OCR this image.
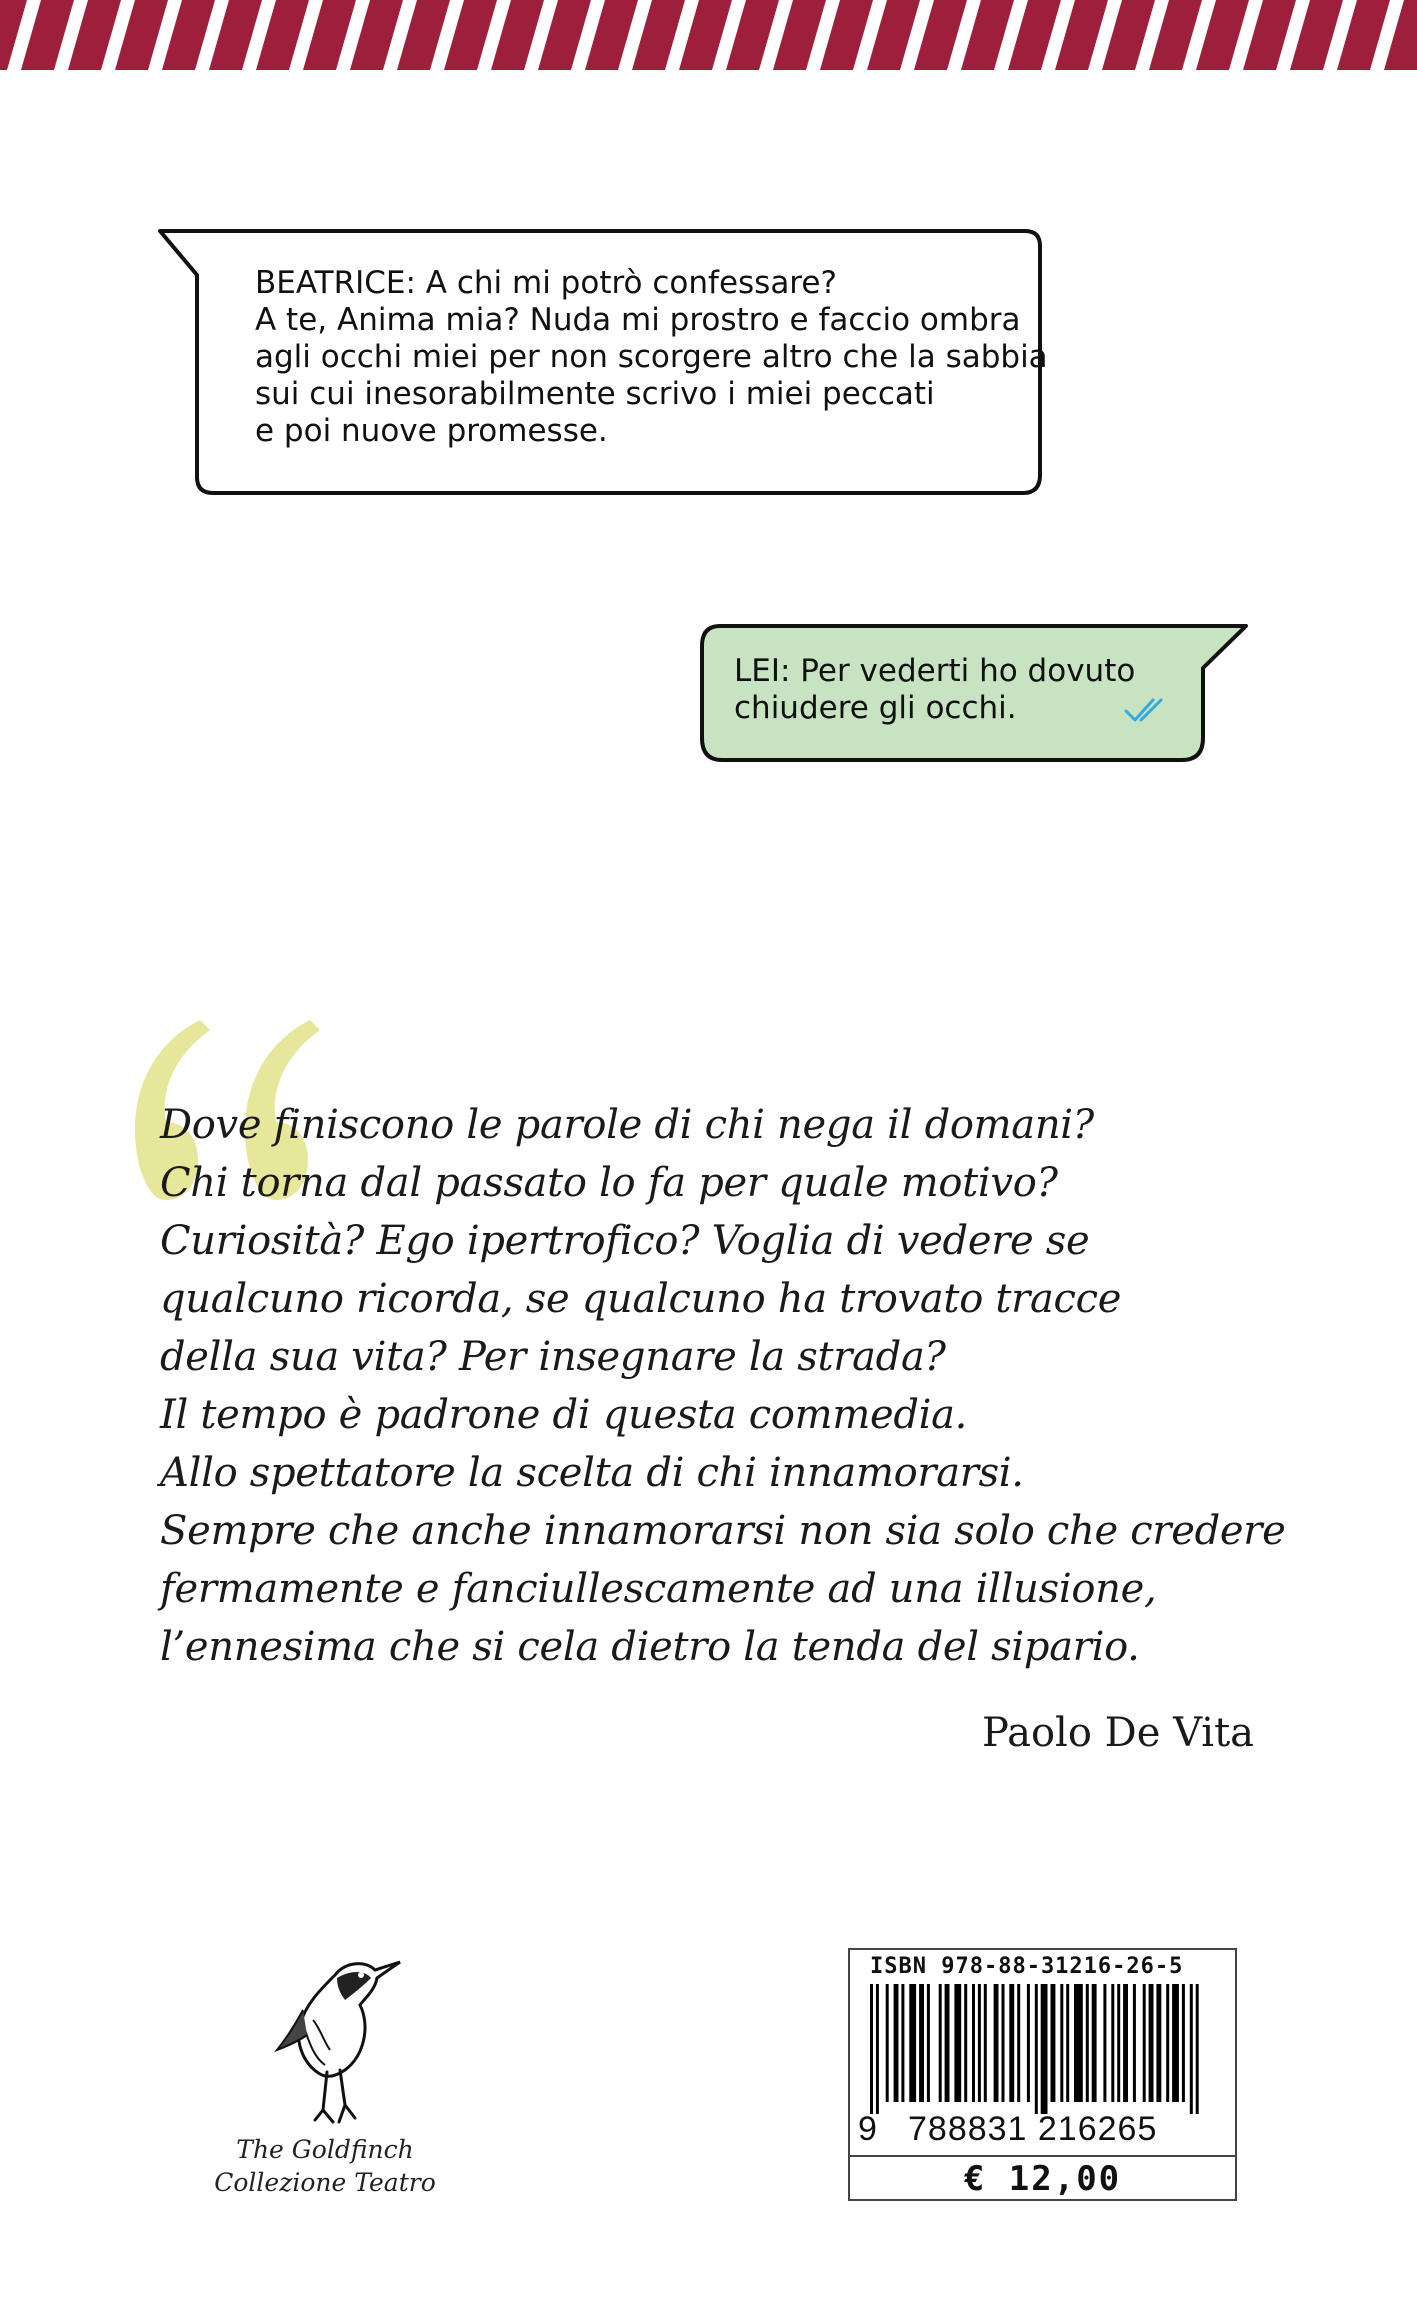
BEATRICE: A chi mi potrò confessare?
A te, Anima mia? Nuda mi prostro e faccio ombra
agli occhi miei per non scorgere altro che la sabbia
sui cui inesorabilmente scrivo i miei peccati
e poi nuove promesse.
LEI: Per vederti ho dovuto
chiudere gli occhi.
Dove finiscono le parole di chi nega il domani?
Chi torna dal passato lo fa per quale motivo?
Curiosità? Ego ipertrofico? Voglia di vedere se
qualcuno ricorda, se qualcuno ha trovato tracce
della sua vita? Per insegnare la strada?
Il tempo è padrone di questa commedia.
Allo spettatore la scelta di chi innamorarsi.
Sempre che anche innamorarsi non sia solo che credere
fermamente e fanciullescamente ad una illusione,
l’ennesima che si cela dietro la tenda del sipario.
Paolo De Vita
The Goldfinch
Collezione Teatro
ISBN 978-88-31216-26-5
9 788831 216265
€ 12,00
